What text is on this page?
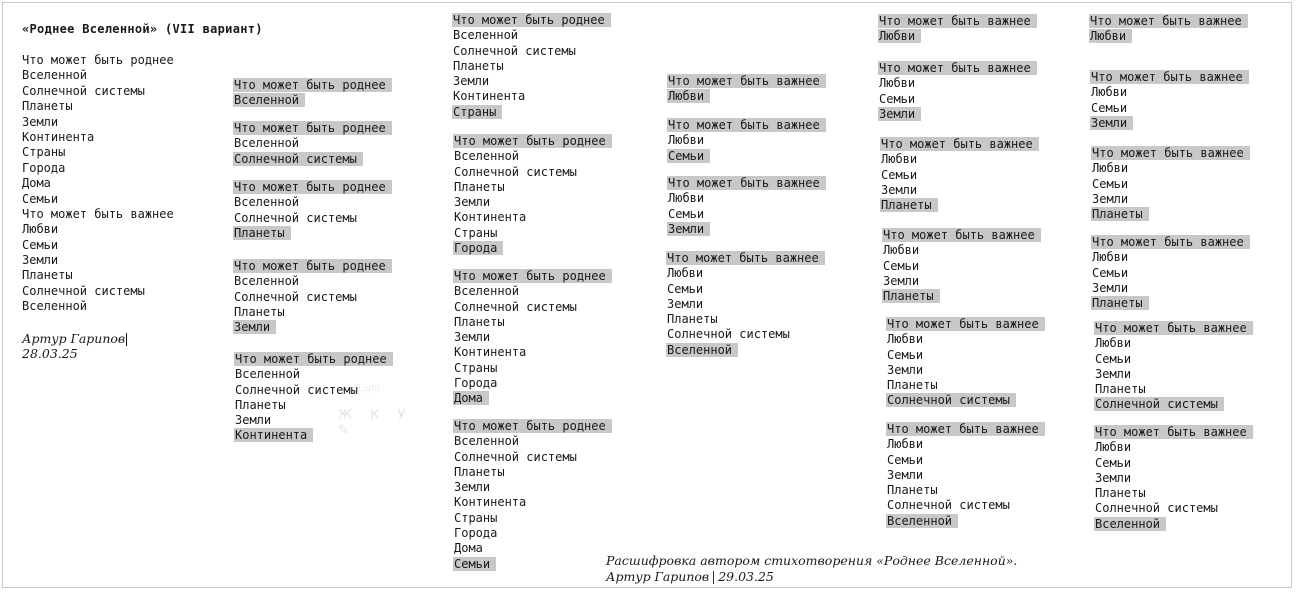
«Роднее Вселенной» (VII вариант)
Что может быть роднее
Вселенной
Солнечной системы
Планеты
Земли
Континента
Страны
Города
Дома
Семьи
Что может быть важнее
Любви
Семьи
Земли
Планеты
Солнечной системы
Вселенной
Артур Гарипов
28.03.25
Light
Ж К У ✎
Что может быть роднее
Вселенной
Что может быть роднее
Вселенной
Солнечной системы
Что может быть роднее
Вселенной
Солнечной системы
Планеты
Что может быть роднее
Вселенной
Солнечной системы
Планеты
Земли
Что может быть роднее
Вселенной
Солнечной системы
Планеты
Земли
Континента
Что может быть роднее
Вселенной
Солнечной системы
Планеты
Земли
Континента
Страны
Что может быть роднее
Вселенной
Солнечной системы
Планеты
Земли
Континента
Страны
Города
Что может быть роднее
Вселенной
Солнечной системы
Планеты
Земли
Континента
Страны
Города
Дома
Что может быть роднее
Вселенной
Солнечной системы
Планеты
Земли
Континента
Страны
Города
Дома
Семьи
Что может быть важнее
Любви
Что может быть важнее
Любви
Семьи
Что может быть важнее
Любви
Семьи
Земли
Что может быть важнее
Любви
Семьи
Земли
Планеты
Солнечной системы
Вселенной
Что может быть важнее
Любви
Что может быть важнее
Любви
Семьи
Земли
Что может быть важнее
Любви
Семьи
Земли
Планеты
Что может быть важнее
Любви
Семьи
Земли
Планеты
Что может быть важнее
Любви
Семьи
Земли
Планеты
Солнечной системы
Что может быть важнее
Любви
Семьи
Земли
Планеты
Солнечной системы
Вселенной
Что может быть важнее
Любви
Что может быть важнее
Любви
Семьи
Земли
Что может быть важнее
Любви
Семьи
Земли
Планеты
Что может быть важнее
Любви
Семьи
Земли
Планеты
Что может быть важнее
Любви
Семьи
Земли
Планеты
Солнечной системы
Что может быть важнее
Любви
Семьи
Земли
Планеты
Солнечной системы
Вселенной
Расшифровка автором стихотворения «Роднее Вселенной».
Артур Гарипов 29.03.25
